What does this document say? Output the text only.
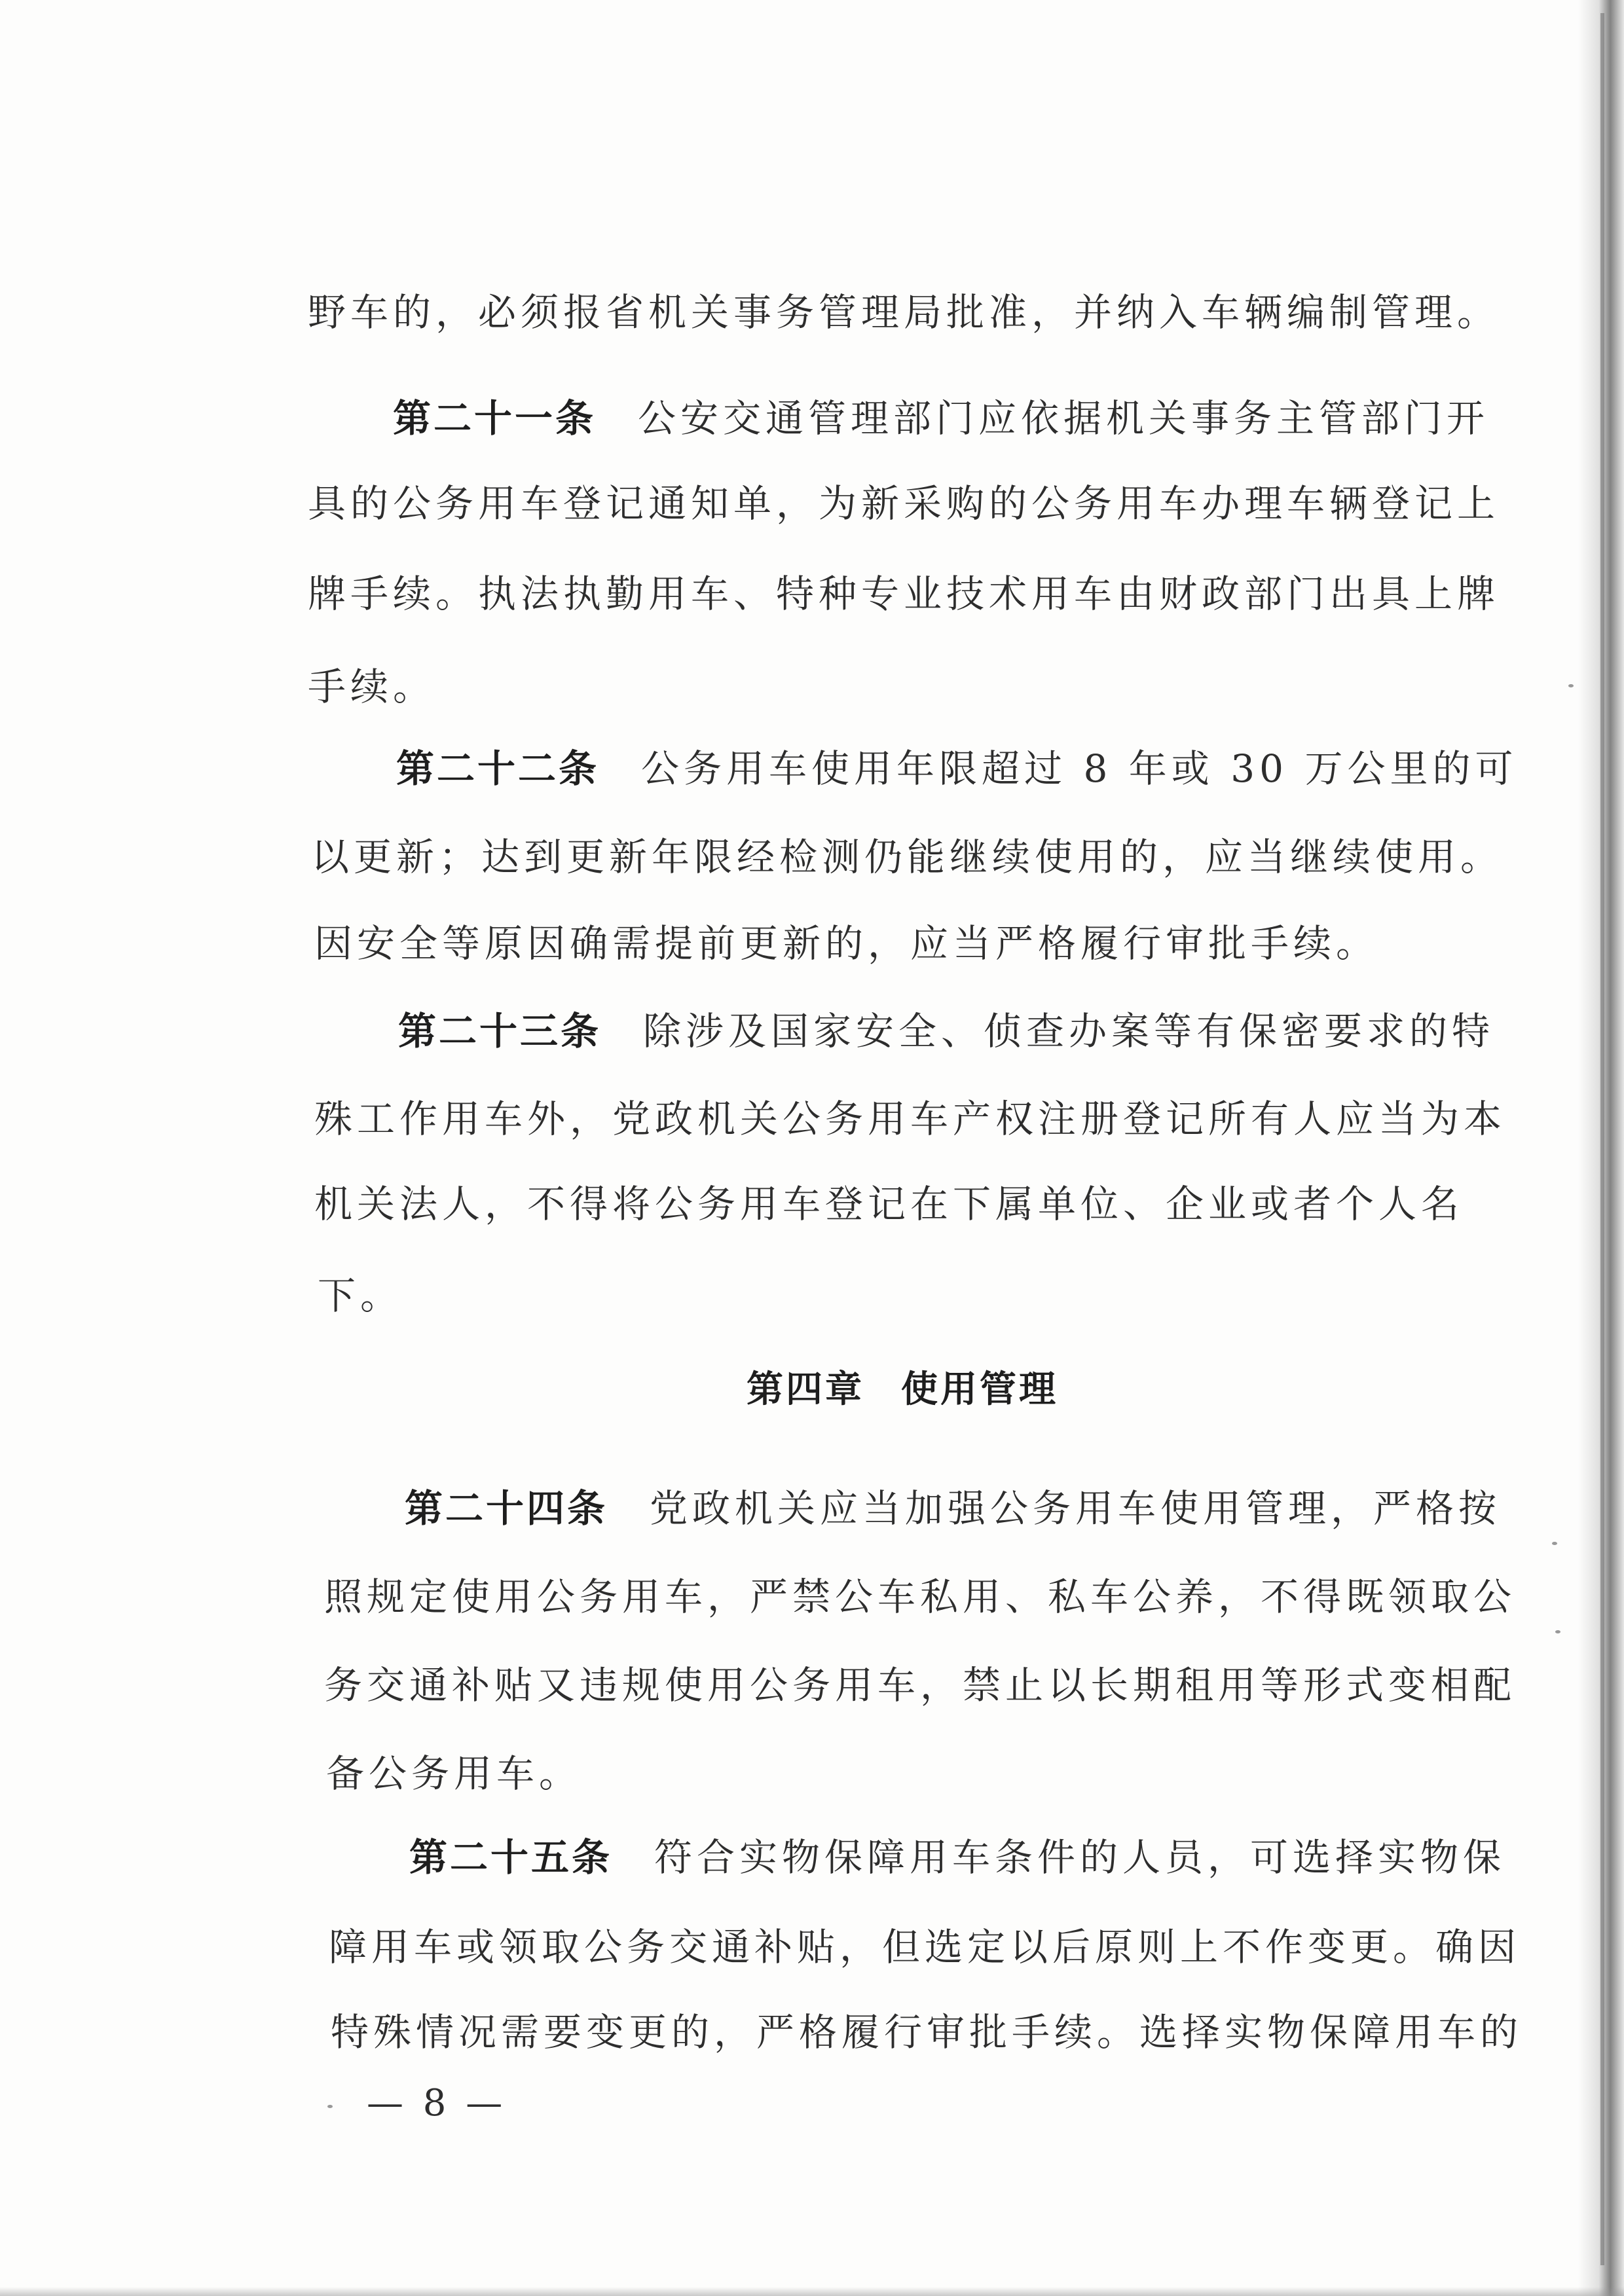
野车的，必须报省机关事务管理局批准，并纳入车辆编制管理。
第二十一条 公安交通管理部门应依据机关事务主管部门开
具的公务用车登记通知单，为新采购的公务用车办理车辆登记上
牌手续。执法执勤用车、特种专业技术用车由财政部门出具上牌
手续。
第二十二条 公务用车使用年限超过 8 年或 30 万公里的可
以更新；达到更新年限经检测仍能继续使用的，应当继续使用。
因安全等原因确需提前更新的，应当严格履行审批手续。
第二十三条 除涉及国家安全、侦查办案等有保密要求的特
殊工作用车外，党政机关公务用车产权注册登记所有人应当为本
机关法人，不得将公务用车登记在下属单位、企业或者个人名
下。
第四章 使用管理
第二十四条 党政机关应当加强公务用车使用管理，严格按
照规定使用公务用车，严禁公车私用、私车公养，不得既领取公
务交通补贴又违规使用公务用车，禁止以长期租用等形式变相配
备公务用车。
第二十五条 符合实物保障用车条件的人员，可选择实物保
障用车或领取公务交通补贴，但选定以后原则上不作变更。确因
特殊情况需要变更的，严格履行审批手续。选择实物保障用车的
— 8 —
